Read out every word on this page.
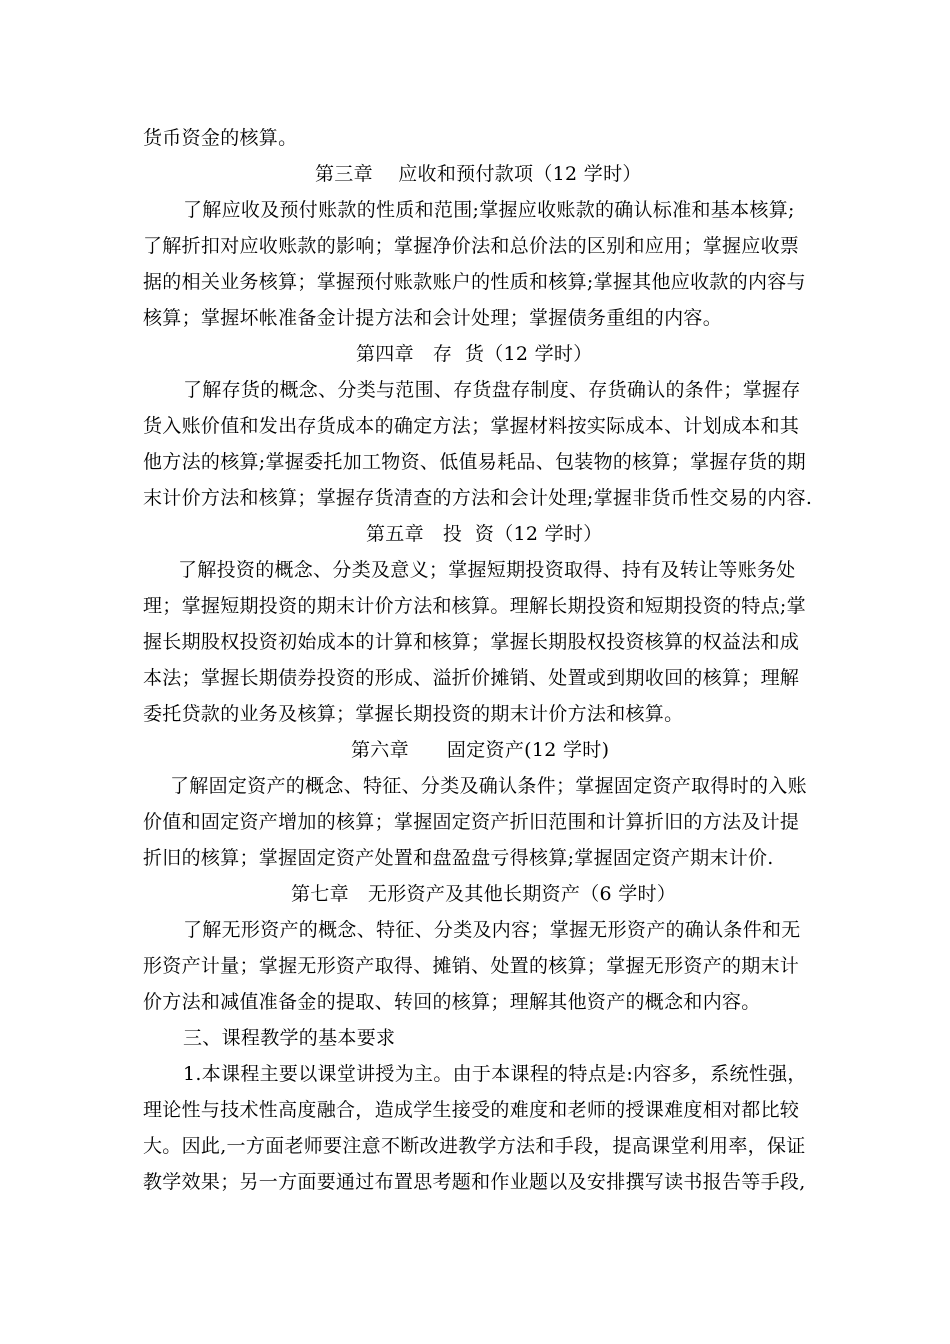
货币资金的核算。
第三章    应收和预付款项（12 学时）
了解应收及预付账款的性质和范围;掌握应收账款的确认标准和基本核算;
了解折扣对应收账款的影响；掌握净价法和总价法的区别和应用；掌握应收票
据的相关业务核算；掌握预付账款账户的性质和核算;掌握其他应收款的内容与
核算；掌握坏帐准备金计提方法和会计处理；掌握债务重组的内容。
第四章   存  货（12 学时）
了解存货的概念、分类与范围、存货盘存制度、存货确认的条件；掌握存
货入账价值和发出存货成本的确定方法；掌握材料按实际成本、计划成本和其
他方法的核算;掌握委托加工物资、低值易耗品、包装物的核算；掌握存货的期
末计价方法和核算；掌握存货清查的方法和会计处理;掌握非货币性交易的内容.
第五章   投  资（12 学时）
了解投资的概念、分类及意义；掌握短期投资取得、持有及转让等账务处
理；掌握短期投资的期末计价方法和核算。理解长期投资和短期投资的特点;掌
握长期股权投资初始成本的计算和核算；掌握长期股权投资核算的权益法和成
本法；掌握长期债券投资的形成、溢折价摊销、处置或到期收回的核算；理解
委托贷款的业务及核算；掌握长期投资的期末计价方法和核算。
第六章      固定资产(12 学时)
了解固定资产的概念、特征、分类及确认条件；掌握固定资产取得时的入账
价值和固定资产增加的核算；掌握固定资产折旧范围和计算折旧的方法及计提
折旧的核算；掌握固定资产处置和盘盈盘亏得核算;掌握固定资产期末计价.
第七章   无形资产及其他长期资产（6 学时）
了解无形资产的概念、特征、分类及内容；掌握无形资产的确认条件和无
形资产计量；掌握无形资产取得、摊销、处置的核算；掌握无形资产的期末计
价方法和减值准备金的提取、转回的核算；理解其他资产的概念和内容。
三、课程教学的基本要求
1.本课程主要以课堂讲授为主。由于本课程的特点是:内容多，系统性强，
理论性与技术性高度融合，造成学生接受的难度和老师的授课难度相对都比较
大。因此,一方面老师要注意不断改进教学方法和手段，提高课堂利用率，保证
教学效果；另一方面要通过布置思考题和作业题以及安排撰写读书报告等手段,
